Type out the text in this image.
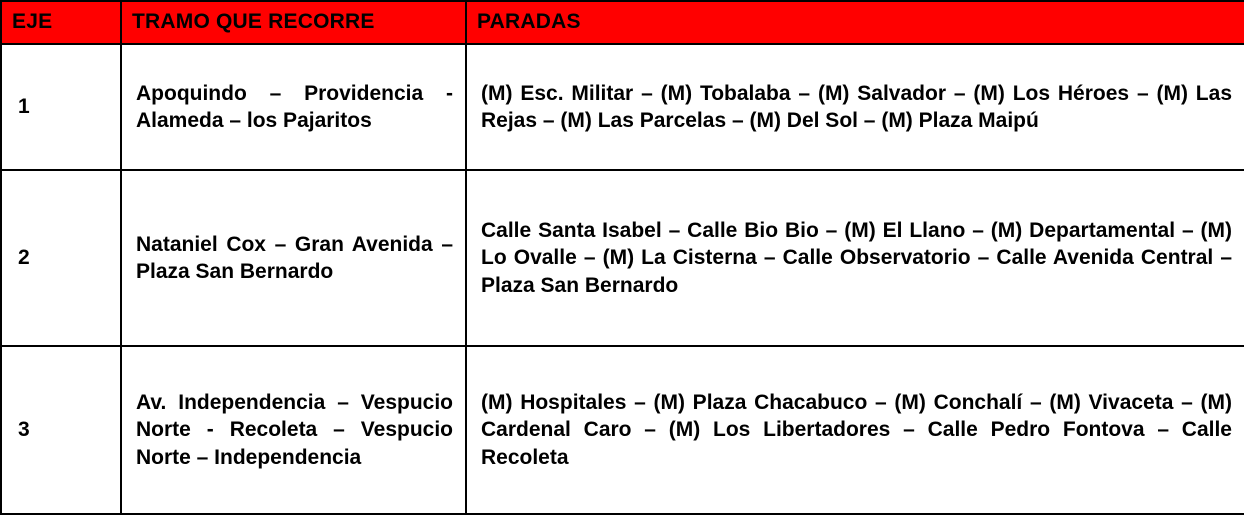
EJE	TRAMO QUE RECORRE	PARADAS
1	Apoquindo – Providencia - Alameda – los Pajaritos	(M) Esc. Militar – (M) Tobalaba – (M) Salvador – (M) Los Héroes – (M) Las Rejas – (M) Las Parcelas – (M) Del Sol – (M) Plaza Maipú
2	Nataniel Cox – Gran Avenida – Plaza San Bernardo	Calle Santa Isabel – Calle Bio Bio – (M) El Llano – (M) Departamental – (M) Lo Ovalle – (M) La Cisterna – Calle Observatorio – Calle Avenida Central – Plaza San Bernardo
3	Av. Independencia – Vespucio Norte - Recoleta – Vespucio Norte – Independencia	(M) Hospitales – (M) Plaza Chacabuco – (M) Conchalí – (M) Vivaceta – (M) Cardenal Caro – (M) Los Libertadores – Calle Pedro Fontova – Calle Recoleta
